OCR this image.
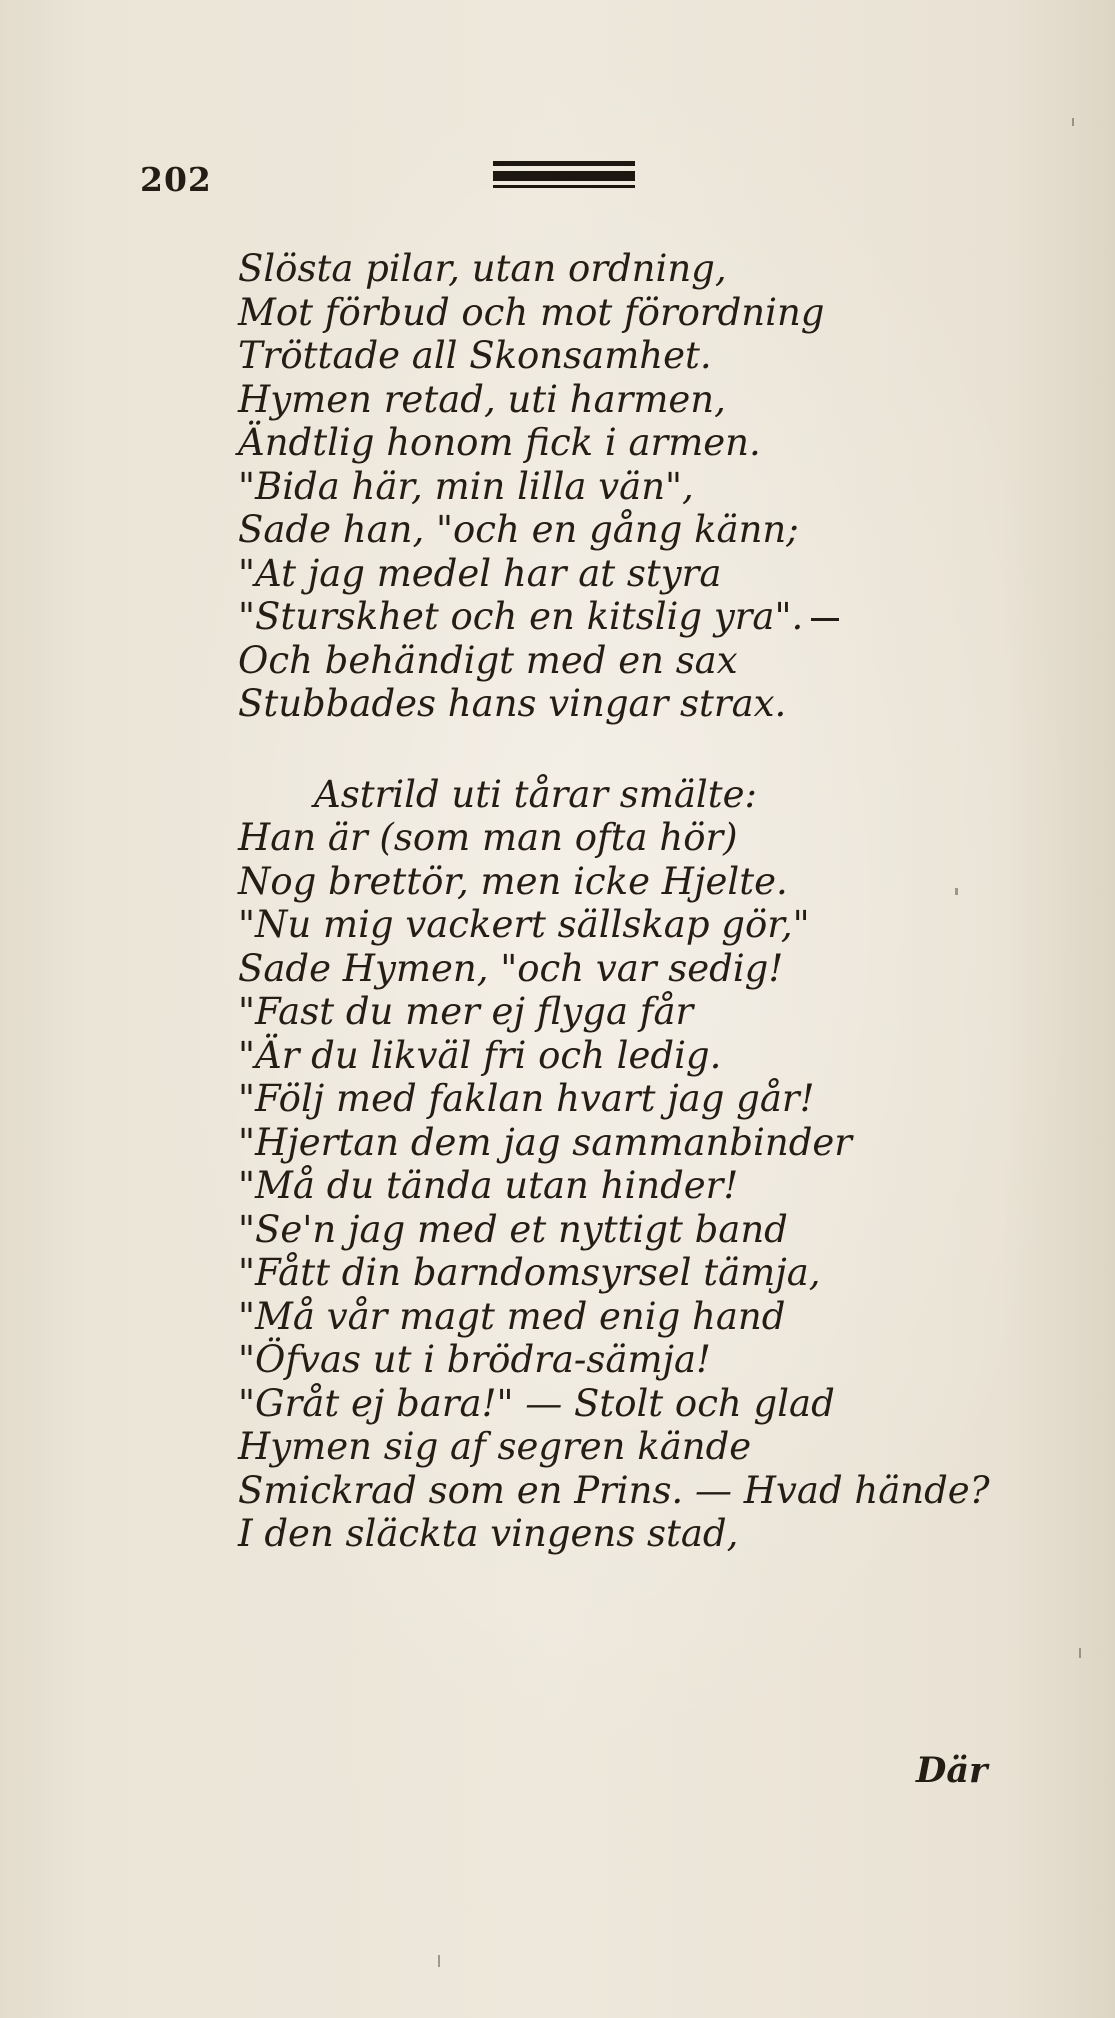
202
Slösta pilar, utan ordning,
Mot förbud och mot förordning
Tröttade all Skonsamhet.
Hymen retad, uti harmen,
Ändtlig honom fick i armen.
"Bida här, min lilla vän",
Sade han, "och en gång känn;
"At jag medel har at styra
"Sturskhet och en kitslig yra".
Och behändigt med en sax
Stubbades hans vingar strax.
Astrild uti tårar smälte:
Han är (som man ofta hör)
Nog brettör, men icke Hjelte.
"Nu mig vackert sällskap gör,"
Sade Hymen, "och var sedig!
"Fast du mer ej flyga får
"Är du likväl fri och ledig.
"Följ med faklan hvart jag går!
"Hjertan dem jag sammanbinder
"Må du tända utan hinder!
"Se'n jag med et nyttigt band
"Fått din barndomsyrsel tämja,
"Må vår magt med enig hand
"Öfvas ut i brödra-sämja!
"Gråt ej bara!" — Stolt och glad
Hymen sig af segren kände
Smickrad som en Prins. — Hvad hände?
I den släckta vingens stad,
Där
